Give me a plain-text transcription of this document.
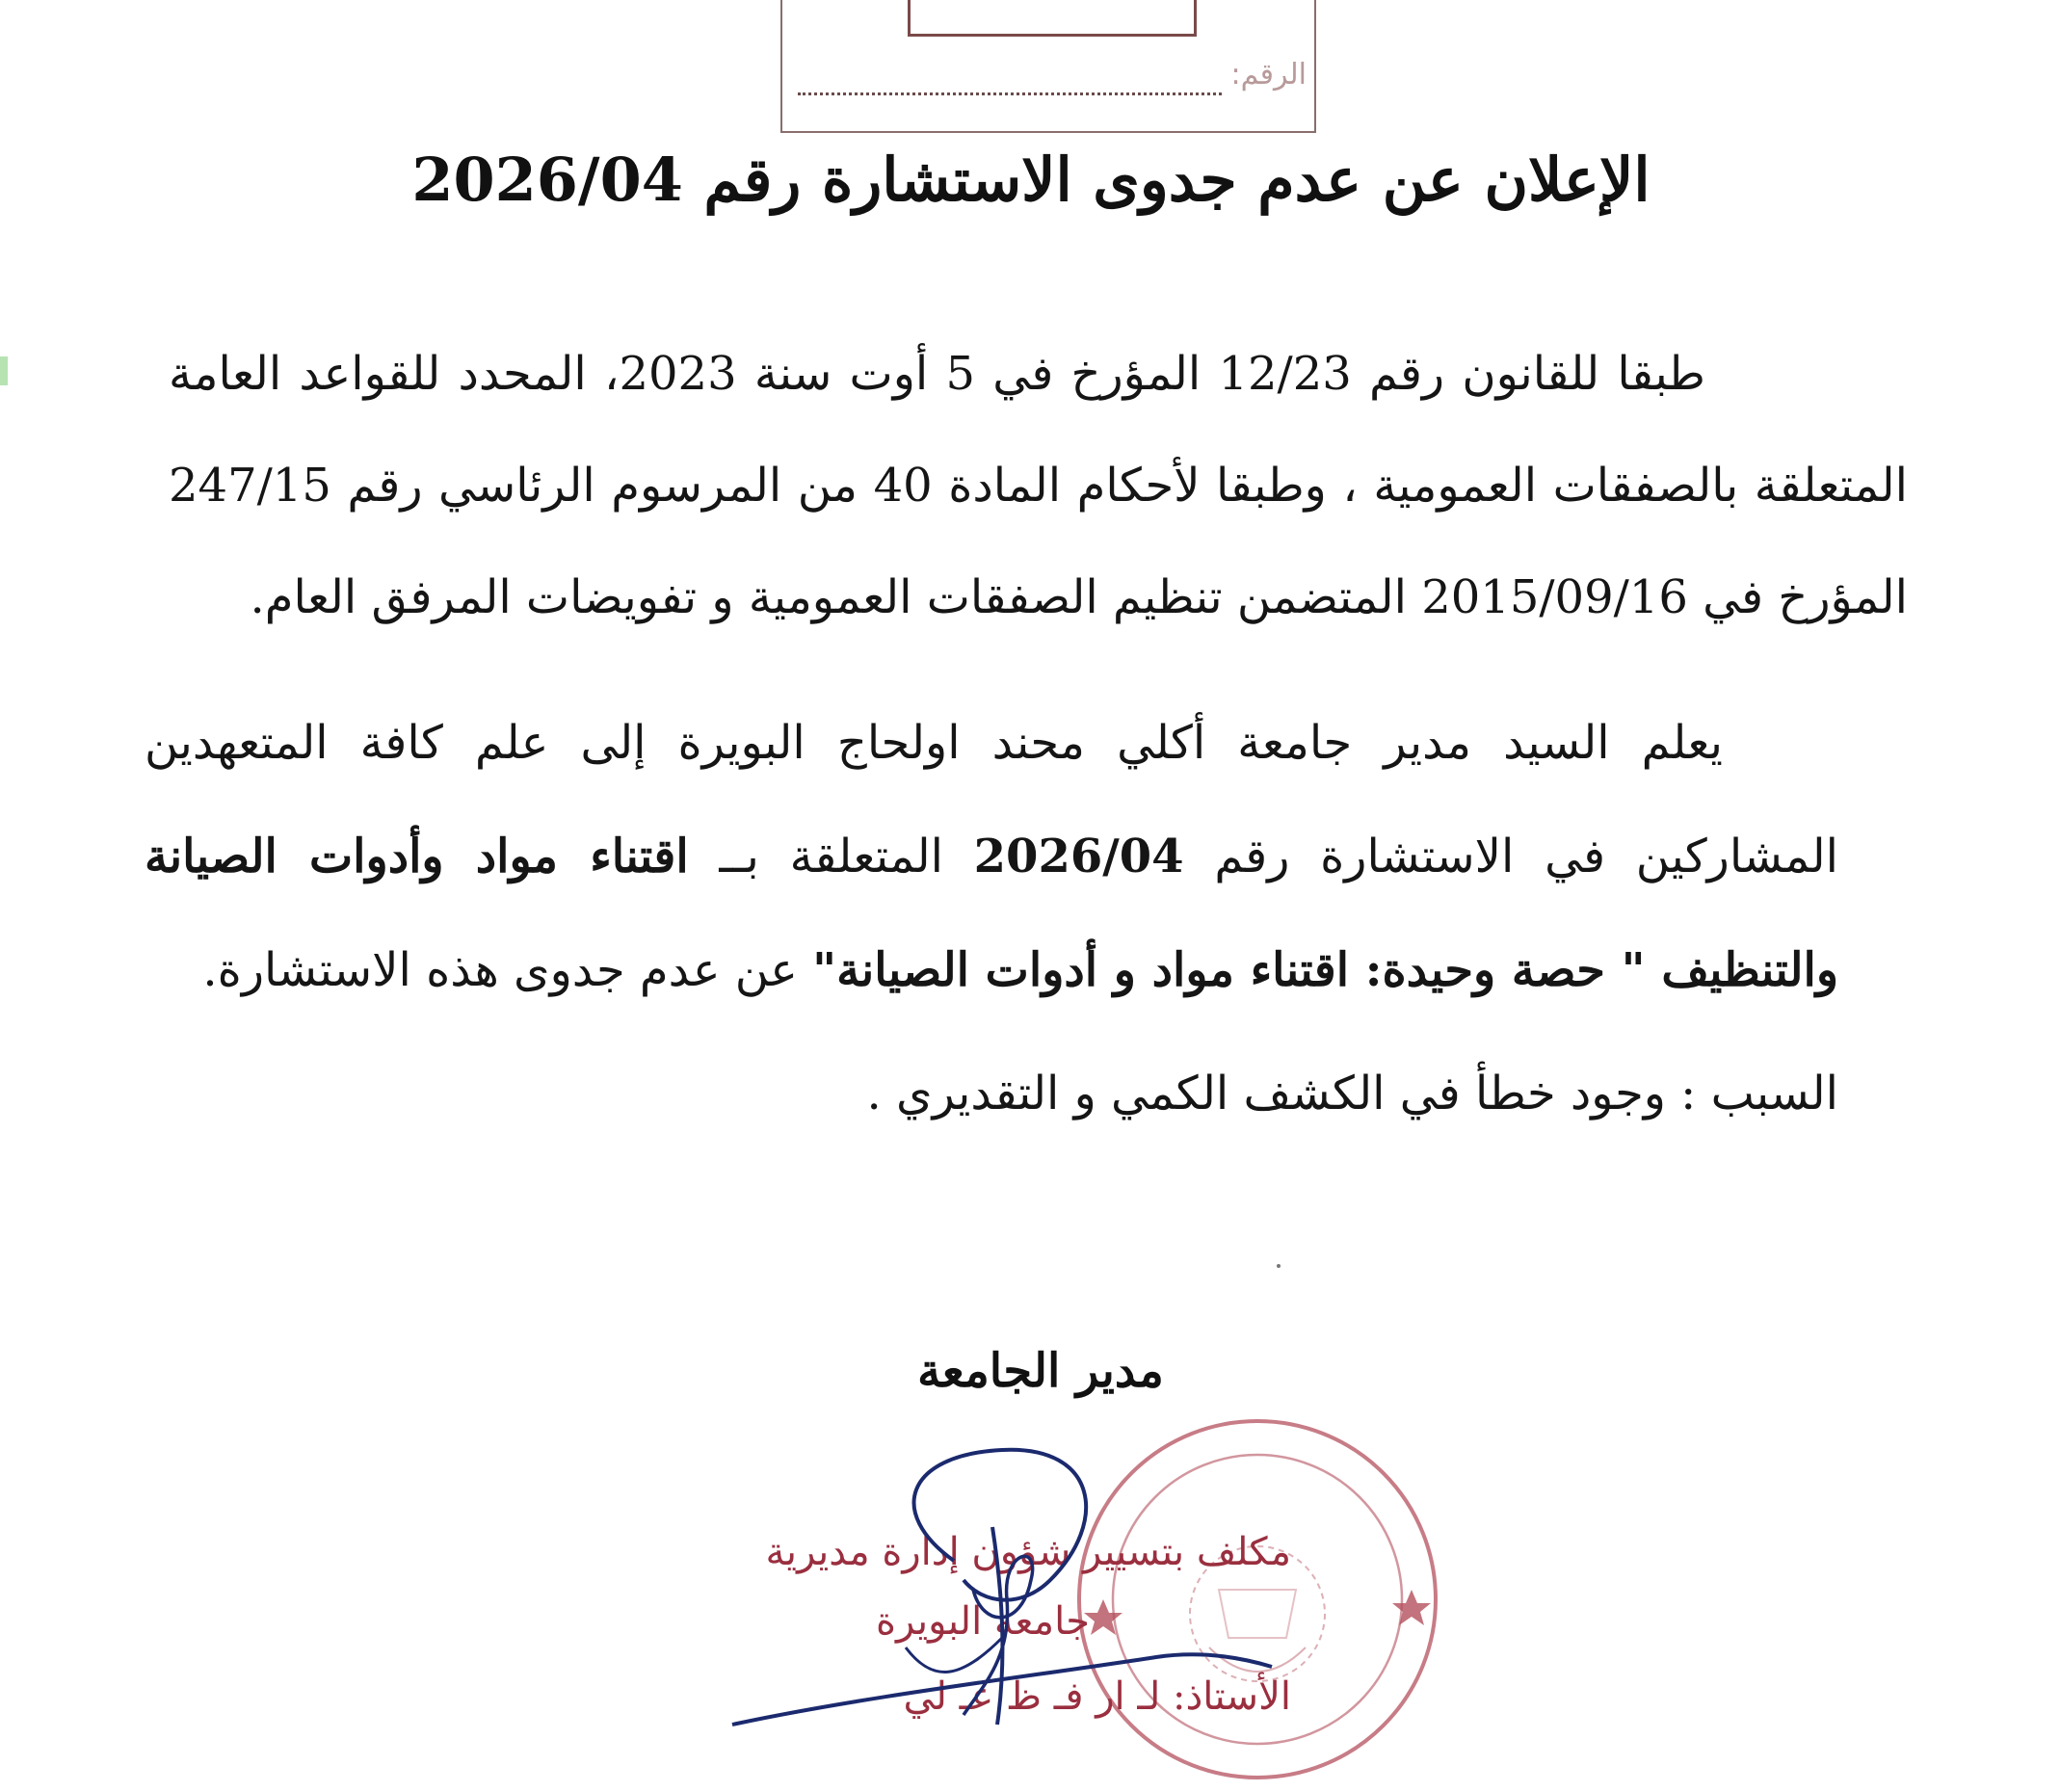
الرقم:
الإعلان عن عدم جدوى الاستشارة رقم 2026/04

طبقا للقانون رقم 12/23 المؤرخ في 5 أوت سنة 2023، المحدد للقواعد العامة المتعلقة بالصفقات العمومية ، وطبقا لأحكام المادة 40 من المرسوم الرئاسي رقم 247/15 المؤرخ في 2015/09/16 المتضمن تنظيم الصفقات العمومية و تفويضات المرفق العام.

يعلم السيد مدير جامعة أكلي محند اولحاج البويرة إلى علم كافة المتعهدين المشاركين في الاستشارة رقم 2026/04 المتعلقة بــ اقتناء مواد وأدوات الصيانة والتنظيف " حصة وحيدة: اقتناء مواد و أدوات الصيانة" عن عدم جدوى هذه الاستشارة.

السبب : وجود خطأ في الكشف الكمي و التقديري .

مدير الجامعة
مكلف بتسيير شؤون إدارة مديرية
جامعة البويرة
الأستاذ: لـ ار فـ ظ عـ لي
